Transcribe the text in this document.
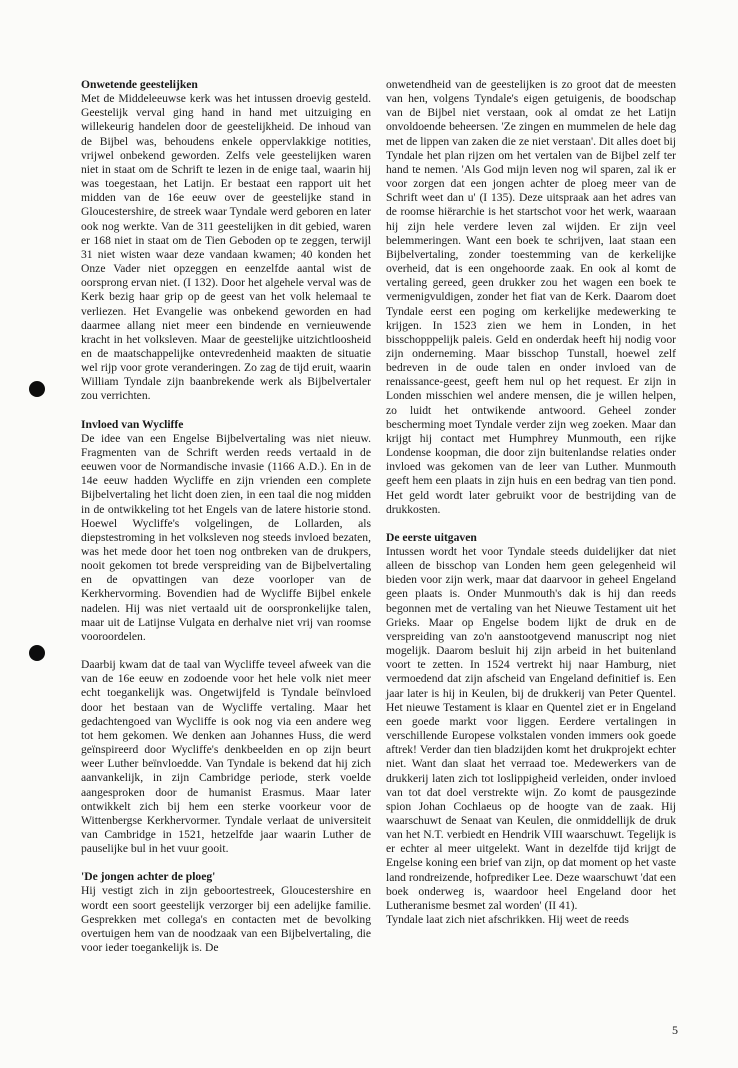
Onwetende geestelijken

Met de Middeleeuwse kerk was het intussen droevig gesteld. Geestelijk verval ging hand in hand met uitzuiging en willekeurig handelen door de geestelijkheid. De inhoud van de Bijbel was, behoudens enkele oppervlakkige notities, vrijwel onbekend geworden. Zelfs vele geestelijken waren niet in staat om de Schrift te lezen in de enige taal, waarin hij was toegestaan, het Latijn. Er bestaat een rapport uit het midden van de 16e eeuw over de geestelijke stand in Gloucestershire, de streek waar Tyndale werd geboren en later ook nog werkte. Van de 311 geestelijken in dit gebied, waren er 168 niet in staat om de Tien Geboden op te zeggen, terwijl 31 niet wisten waar deze vandaan kwamen; 40 konden het Onze Vader niet opzeggen en eenzelfde aantal wist de oorsprong ervan niet. (I 132). Door het algehele verval was de Kerk bezig haar grip op de geest van het volk helemaal te verliezen. Het Evangelie was onbekend geworden en had daarmee allang niet meer een bindende en vernieuwende kracht in het volksleven. Maar de geestelijke uitzichtloosheid en de maatschappelijke ontevredenheid maakten de situatie wel rijp voor grote veranderingen. Zo zag de tijd eruit, waarin William Tyndale zijn baanbrekende werk als Bijbelvertaler zou verrichten.

Invloed van Wycliffe

De idee van een Engelse Bijbelvertaling was niet nieuw. Fragmenten van de Schrift werden reeds vertaald in de eeuwen voor de Normandische invasie (1166 A.D.). En in de 14e eeuw hadden Wycliffe en zijn vrienden een complete Bijbelvertaling het licht doen zien, in een taal die nog midden in de ontwikkeling tot het Engels van de latere historie stond. Hoewel Wycliffe's volgelingen, de Lollarden, als diepstestroming in het volksleven nog steeds invloed bezaten, was het mede door het toen nog ontbreken van de drukpers, nooit gekomen tot brede verspreiding van de Bijbelvertaling en de opvattingen van deze voorloper van de Kerkhervorming. Bovendien had de Wycliffe Bijbel enkele nadelen. Hij was niet vertaald uit de oorspronkelijke talen, maar uit de Latijnse Vulgata en derhalve niet vrij van roomse vooroordelen.

Daarbij kwam dat de taal van Wycliffe teveel afweek van die van de 16e eeuw en zodoende voor het hele volk niet meer echt toegankelijk was. Ongetwijfeld is Tyndale beïnvloed door het bestaan van de Wycliffe vertaling. Maar het gedachtengoed van Wycliffe is ook nog via een andere weg tot hem gekomen. We denken aan Johannes Huss, die werd geïnspireerd door Wycliffe's denkbeelden en op zijn beurt weer Luther beïnvloedde. Van Tyndale is bekend dat hij zich aanvankelijk, in zijn Cambridge periode, sterk voelde aangesproken door de humanist Erasmus. Maar later ontwikkelt zich bij hem een sterke voorkeur voor de Wittenbergse Kerkhervormer. Tyndale verlaat de universiteit van Cambridge in 1521, hetzelfde jaar waarin Luther de pauselijke bul in het vuur gooit.

'De jongen achter de ploeg'

Hij vestigt zich in zijn geboortestreek, Gloucestershire en wordt een soort geestelijk verzorger bij een adelijke familie. Gesprekken met collega's en contacten met de bevolking overtuigen hem van de noodzaak van een Bijbelvertaling, die voor ieder toegankelijk is. De

onwetendheid van de geestelijken is zo groot dat de meesten van hen, volgens Tyndale's eigen getuigenis, de boodschap van de Bijbel niet verstaan, ook al omdat ze het Latijn onvoldoende beheersen. 'Ze zingen en mummelen de hele dag met de lippen van zaken die ze niet verstaan'. Dit alles doet bij Tyndale het plan rijzen om het vertalen van de Bijbel zelf ter hand te nemen. 'Als God mijn leven nog wil sparen, zal ik er voor zorgen dat een jongen achter de ploeg meer van de Schrift weet dan u' (I 135). Deze uitspraak aan het adres van de roomse hiërarchie is het startschot voor het werk, waaraan hij zijn hele verdere leven zal wijden. Er zijn veel belemmeringen. Want een boek te schrijven, laat staan een Bijbelvertaling, zonder toestemming van de kerkelijke overheid, dat is een ongehoorde zaak. En ook al komt de vertaling gereed, geen drukker zou het wagen een boek te vermenigvuldigen, zonder het fiat van de Kerk. Daarom doet Tyndale eerst een poging om kerkelijke medewerking te krijgen. In 1523 zien we hem in Londen, in het bisschopppelijk paleis. Geld en onderdak heeft hij nodig voor zijn onderneming. Maar bisschop Tunstall, hoewel zelf bedreven in de oude talen en onder invloed van de renaissance-geest, geeft hem nul op het request. Er zijn in Londen misschien wel andere mensen, die je willen helpen, zo luidt het ontwikende antwoord. Geheel zonder bescherming moet Tyndale verder zijn weg zoeken. Maar dan krijgt hij contact met Humphrey Munmouth, een rijke Londense koopman, die door zijn buitenlandse relaties onder invloed was gekomen van de leer van Luther. Munmouth geeft hem een plaats in zijn huis en een bedrag van tien pond. Het geld wordt later gebruikt voor de bestrijding van de drukkosten.

De eerste uitgaven

Intussen wordt het voor Tyndale steeds duidelijker dat niet alleen de bisschop van Londen hem geen gelegenheid wil bieden voor zijn werk, maar dat daarvoor in geheel Engeland geen plaats is. Onder Munmouth's dak is hij dan reeds begonnen met de vertaling van het Nieuwe Testament uit het Grieks. Maar op Engelse bodem lijkt de druk en de verspreiding van zo'n aanstootgevend manuscript nog niet mogelijk. Daarom besluit hij zijn arbeid in het buitenland voort te zetten. In 1524 vertrekt hij naar Hamburg, niet vermoedend dat zijn afscheid van Engeland definitief is. Een jaar later is hij in Keulen, bij de drukkerij van Peter Quentel. Het nieuwe Testament is klaar en Quentel ziet er in Engeland een goede markt voor liggen. Eerdere vertalingen in verschillende Europese volkstalen vonden immers ook goede aftrek! Verder dan tien bladzijden komt het drukprojekt echter niet. Want dan slaat het verraad toe. Medewerkers van de drukkerij laten zich tot loslippigheid verleiden, onder invloed van tot dat doel verstrekte wijn. Zo komt de pausgezinde spion Johan Cochlaeus op de hoogte van de zaak. Hij waarschuwt de Senaat van Keulen, die onmiddellijk de druk van het N.T. verbiedt en Hendrik VIII waarschuwt. Tegelijk is er echter al meer uitgelekt. Want in dezelfde tijd krijgt de Engelse koning een brief van zijn, op dat moment op het vaste land rondreizende, hofprediker Lee. Deze waarschuwt 'dat een boek onderweg is, waardoor heel Engeland door het Lutheranisme besmet zal worden' (II 41).

Tyndale laat zich niet afschrikken. Hij weet de reeds

5
